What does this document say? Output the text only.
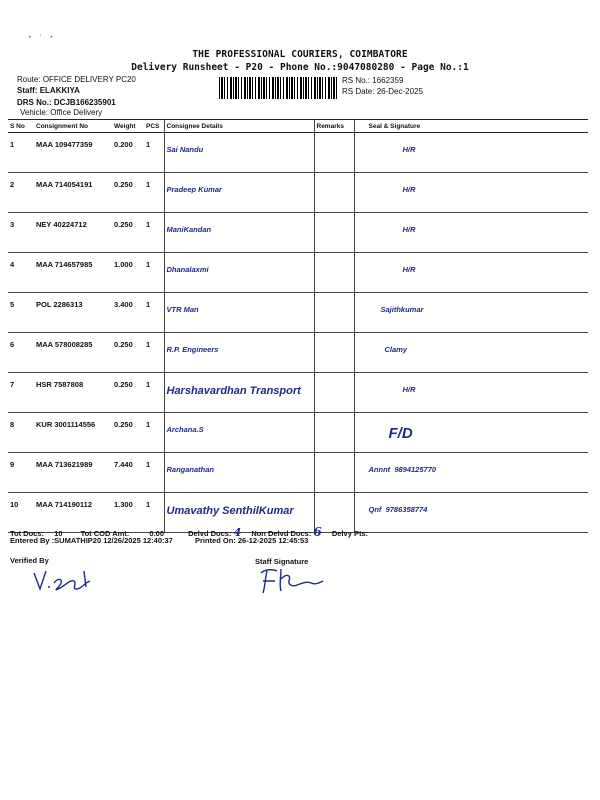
•  '  •
THE PROFESSIONAL COURIERS, COIMBATORE
Delivery Runsheet - P20 - Phone No.:9047080280 - Page No.:1
Route: OFFICE DELIVERY PC20
Staff: ELAKKIYA
DRS No.: DCJB166235901
Vehicle: Office Delivery
RS No.: 1662359
RS Date: 26-Dec-2025
S No	Consignment No	Weight	PCS	Consignee Details	Remarks	Seal & Signature
1	MAA 109477359	0.200	1	Sai Nandu		H/R
2	MAA 714054191	0.250	1	Pradeep Kumar		H/R
3	NEY 40224712	0.250	1	ManiKandan		H/R
4	MAA 714657985	1.000	1	Dhanalaxmi		H/R
5	POL 2286313	3.400	1	VTR Man		Sajithkumar
6	MAA 578008285	0.250	1	R.P. Engineers		Clamy
7	HSR 7587808	0.250	1	Harshavardhan Transport		H/R
8	KUR 3001114556	0.250	1	Archana.S		F/D
9	MAA 713621989	7.440	1	Ranganathan		Annnt  9894125770
10	MAA 714190112	1.300	1	Umavathy SenthilKumar		Qnf  9786358774
Tot Docs: 10 Tot COD Amt:	0.00	Delvd Docs: 4 Non Delvd Docs: 6 Delvy Pts:
Entered By :SUMATHIP20 12/26/2025 12:40:37	Printed On: 26-12-2025 12:45:53
Verified By	Staff Signature
